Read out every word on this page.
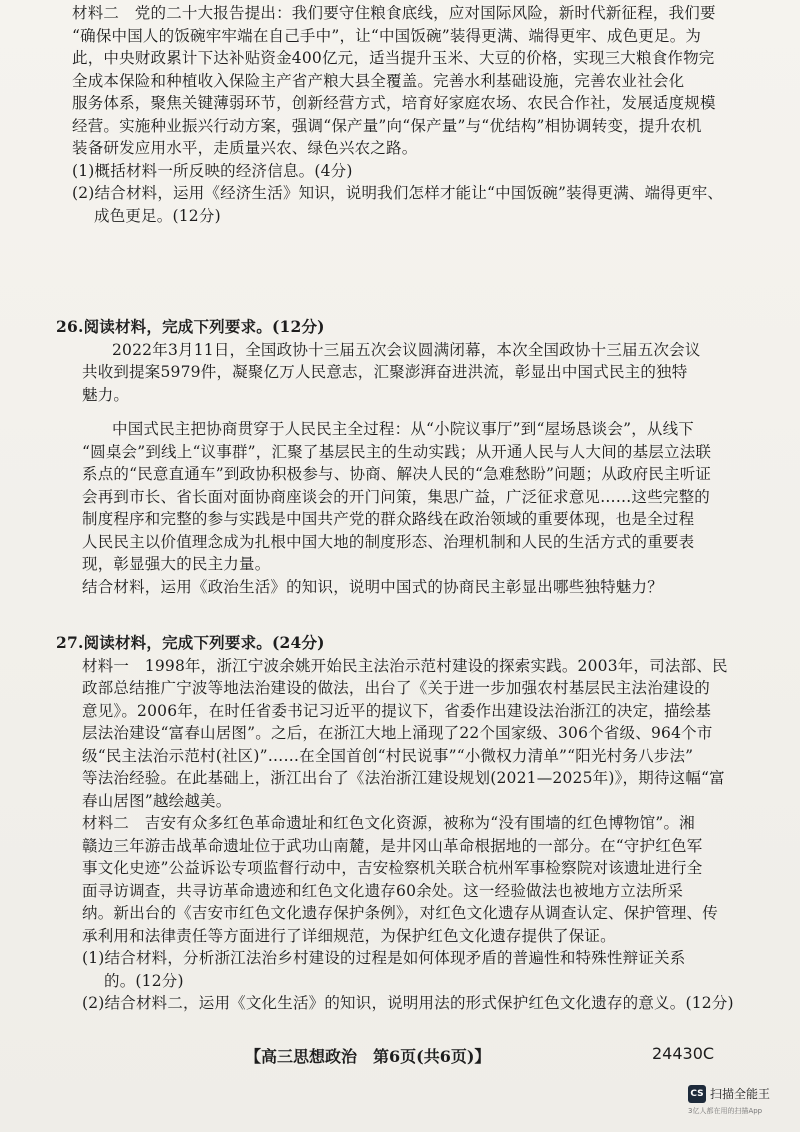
材料二　党的二十大报告提出：我们要守住粮食底线，应对国际风险，新时代新征程，我们要
“确保中国人的饭碗牢牢端在自己手中”，让“中国饭碗”装得更满、端得更牢、成色更足。为
此，中央财政累计下达补贴资金400亿元，适当提升玉米、大豆的价格，实现三大粮食作物完
全成本保险和种植收入保险主产省产粮大县全覆盖。完善水利基础设施，完善农业社会化
服务体系，聚焦关键薄弱环节，创新经营方式，培育好家庭农场、农民合作社，发展适度规模
经营。实施种业振兴行动方案，强调“保产量”向“保产量”与“优结构”相协调转变，提升农机
装备研发应用水平，走质量兴农、绿色兴农之路。
(1)概括材料一所反映的经济信息。(4分)
(2)结合材料，运用《经济生活》知识，说明我们怎样才能让“中国饭碗”装得更满、端得更牢、
成色更足。(12分)
26.阅读材料，完成下列要求。(12分)
2022年3月11日，全国政协十三届五次会议圆满闭幕，本次全国政协十三届五次会议
共收到提案5979件，凝聚亿万人民意志，汇聚澎湃奋进洪流，彰显出中国式民主的独特
魅力。
中国式民主把协商贯穿于人民民主全过程：从“小院议事厅”到“屋场恳谈会”，从线下
“圆桌会”到线上“议事群”，汇聚了基层民主的生动实践；从开通人民与人大间的基层立法联
系点的“民意直通车”到政协积极参与、协商、解决人民的“急难愁盼”问题；从政府民主听证
会再到市长、省长面对面协商座谈会的开门问策，集思广益，广泛征求意见……这些完整的
制度程序和完整的参与实践是中国共产党的群众路线在政治领域的重要体现，也是全过程
人民民主以价值理念成为扎根中国大地的制度形态、治理机制和人民的生活方式的重要表
现，彰显强大的民主力量。
结合材料，运用《政治生活》的知识，说明中国式的协商民主彰显出哪些独特魅力？
27.阅读材料，完成下列要求。(24分)
材料一　1998年，浙江宁波余姚开始民主法治示范村建设的探索实践。2003年，司法部、民
政部总结推广宁波等地法治建设的做法，出台了《关于进一步加强农村基层民主法治建设的
意见》。2006年，在时任省委书记习近平的提议下，省委作出建设法治浙江的决定，描绘基
层法治建设“富春山居图”。之后，在浙江大地上涌现了22个国家级、306个省级、964个市
级“民主法治示范村(社区)”……在全国首创“村民说事”“小微权力清单”“阳光村务八步法”
等法治经验。在此基础上，浙江出台了《法治浙江建设规划(2021—2025年)》，期待这幅“富
春山居图”越绘越美。
材料二　吉安有众多红色革命遗址和红色文化资源，被称为“没有围墙的红色博物馆”。湘
赣边三年游击战革命遗址位于武功山南麓，是井冈山革命根据地的一部分。在“守护红色军
事文化史迹”公益诉讼专项监督行动中，吉安检察机关联合杭州军事检察院对该遗址进行全
面寻访调查，共寻访革命遗迹和红色文化遗存60余处。这一经验做法也被地方立法所采
纳。新出台的《吉安市红色文化遗存保护条例》，对红色文化遗存从调查认定、保护管理、传
承利用和法律责任等方面进行了详细规范，为保护红色文化遗存提供了保证。
(1)结合材料，分析浙江法治乡村建设的过程是如何体现矛盾的普遍性和特殊性辩证关系
的。(12分)
(2)结合材料二，运用《文化生活》的知识，说明用法的形式保护红色文化遗存的意义。(12分)
【高三思想政治　第6页(共6页)】	24430C
CS 扫描全能王
3亿人都在用的扫描App
